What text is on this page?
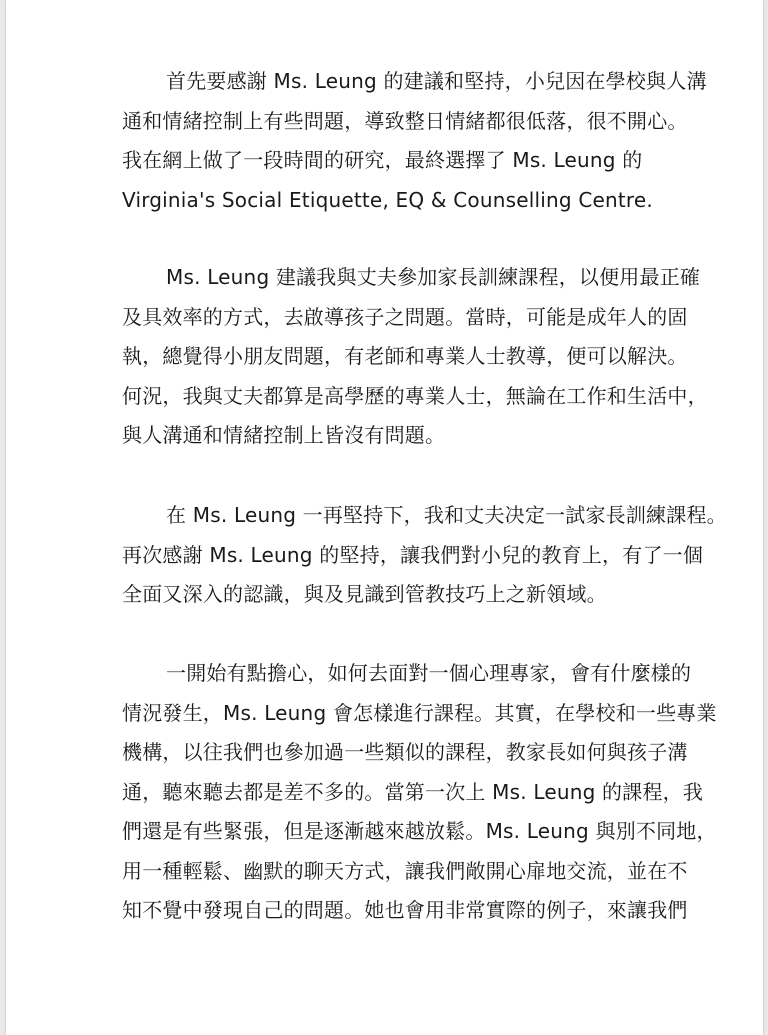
首先要感謝 Ms. Leung 的建議和堅持，小兒因在學校與人溝
通和情緒控制上有些問題，導致整日情緒都很低落，很不開心。
我在網上做了一段時間的研究，最終選擇了 Ms. Leung 的
Virginia's Social Etiquette, EQ & Counselling Centre.

Ms. Leung 建議我與丈夫參加家長訓練課程，以便用最正確
及具效率的方式，去啟導孩子之問題。當時，可能是成年人的固
執，總覺得小朋友問題，有老師和專業人士教導，便可以解決。
何況，我與丈夫都算是高學歷的專業人士，無論在工作和生活中，
與人溝通和情緒控制上皆沒有問題。

在 Ms. Leung 一再堅持下，我和丈夫决定一試家長訓練課程。
再次感謝 Ms. Leung 的堅持，讓我們對小兒的教育上，有了一個
全面又深入的認識，與及見識到管教技巧上之新領域。

一開始有點擔心，如何去面對一個心理專家，會有什麼樣的
情況發生，Ms. Leung 會怎樣進行課程。其實，在學校和一些專業
機構，以往我們也參加過一些類似的課程，教家長如何與孩子溝
通，聽來聽去都是差不多的。當第一次上 Ms. Leung 的課程，我
們還是有些緊張，但是逐漸越來越放鬆。Ms. Leung 與別不同地，
用一種輕鬆、幽默的聊天方式，讓我們敞開心扉地交流，並在不
知不覺中發現自己的問題。她也會用非常實際的例子，來讓我們
